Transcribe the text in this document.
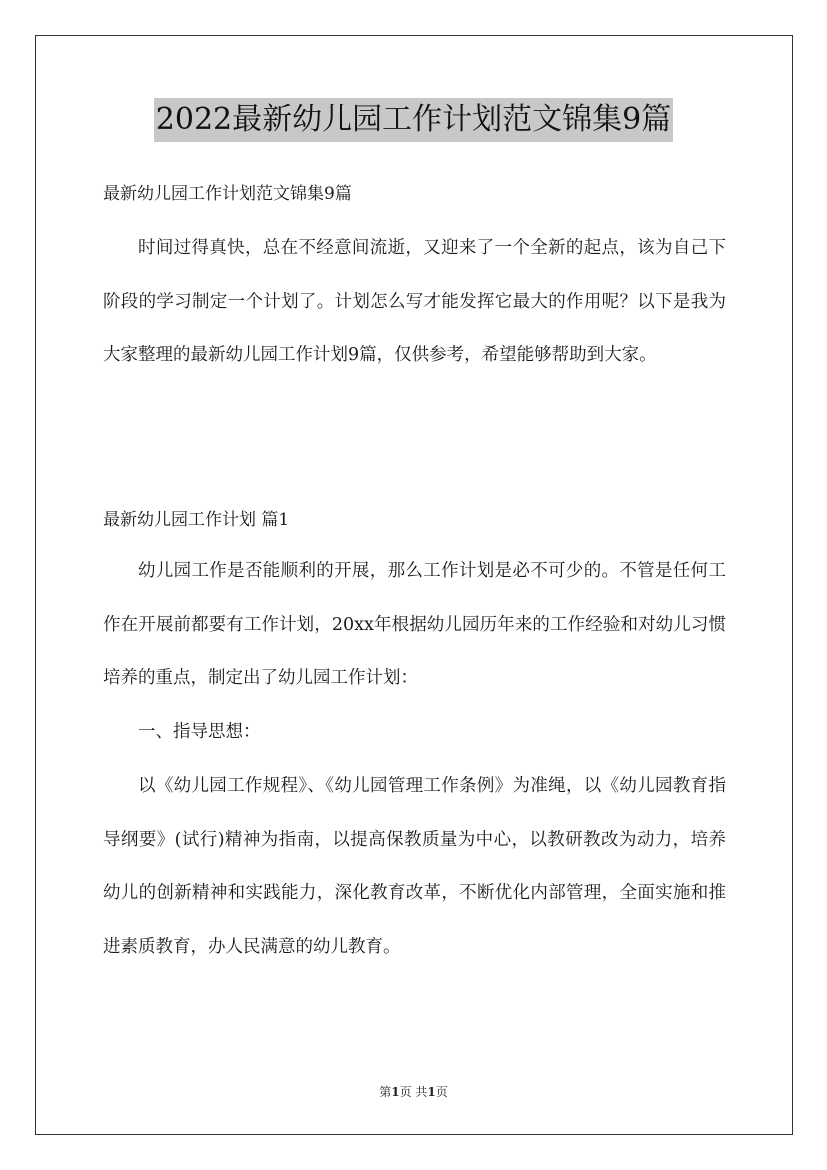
2022最新幼儿园工作计划范文锦集9篇
最新幼儿园工作计划范文锦集9篇

时间过得真快，总在不经意间流逝，又迎来了一个全新的起点，该为自己下阶段的学习制定一个计划了。计划怎么写才能发挥它最大的作用呢？以下是我为大家整理的最新幼儿园工作计划9篇，仅供参考，希望能够帮助到大家。

最新幼儿园工作计划 篇1

幼儿园工作是否能顺利的开展，那么工作计划是必不可少的。不管是任何工作在开展前都要有工作计划，20xx年根据幼儿园历年来的工作经验和对幼儿习惯培养的重点，制定出了幼儿园工作计划：

一、指导思想：

以《幼儿园工作规程》、《幼儿园管理工作条例》为准绳，以《幼儿园教育指导纲要》(试行)精神为指南，以提高保教质量为中心，以教研教改为动力，培养幼儿的创新精神和实践能力，深化教育改革，不断优化内部管理，全面实施和推进素质教育，办人民满意的幼儿教育。

第1页 共1页
